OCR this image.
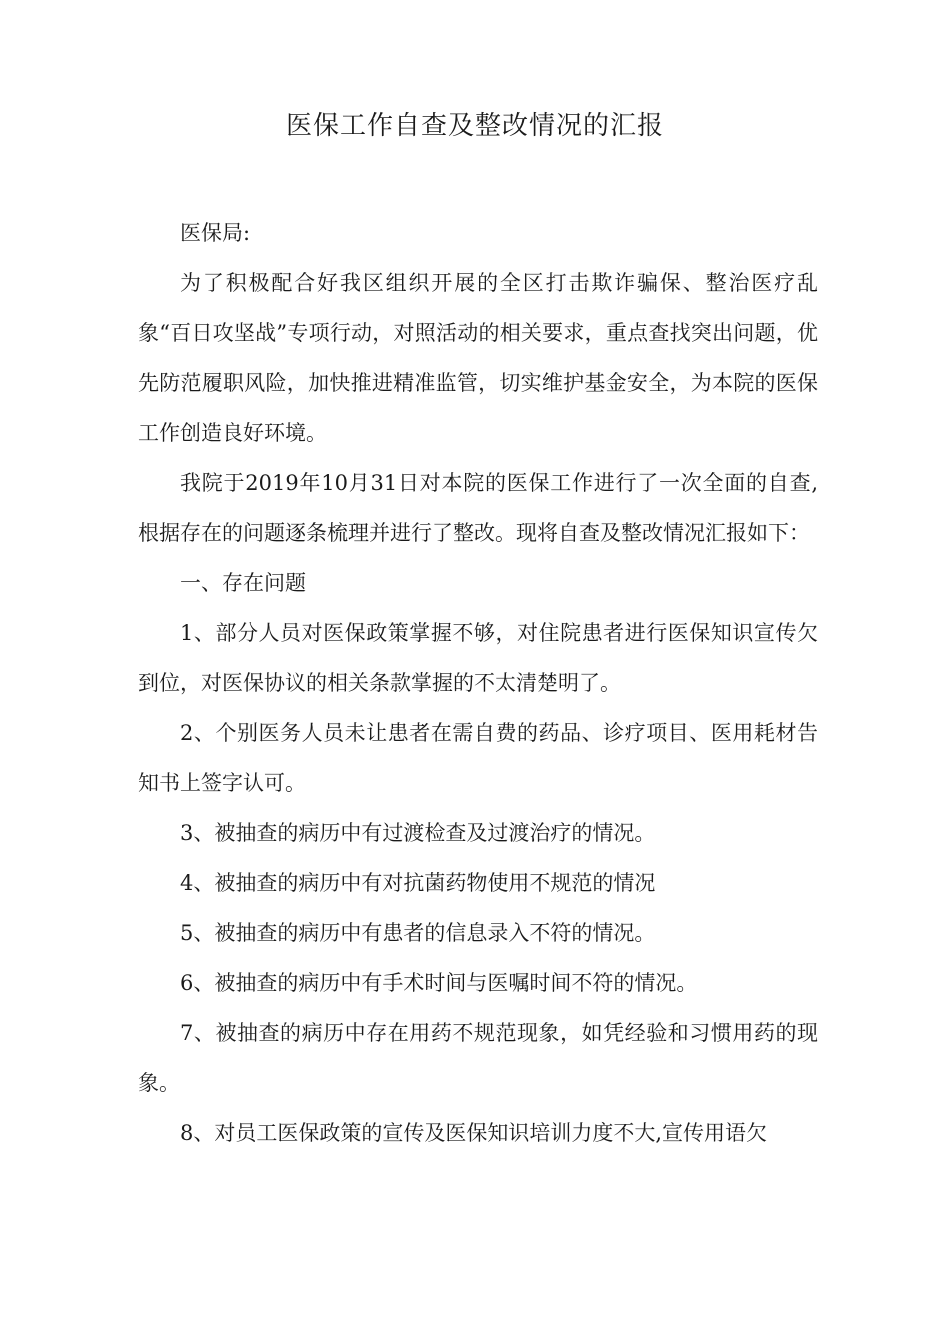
医保工作自查及整改情况的汇报

医保局:

为了积极配合好我区组织开展的全区打击欺诈骗保、整治医疗乱象“百日攻坚战”专项行动，对照活动的相关要求，重点查找突出问题，优先防范履职风险，加快推进精准监管，切实维护基金安全，为本院的医保工作创造良好环境。

我院于2019年10月31日对本院的医保工作进行了一次全面的自查,根据存在的问题逐条梳理并进行了整改。现将自查及整改情况汇报如下：

一、存在问题

1、部分人员对医保政策掌握不够，对住院患者进行医保知识宣传欠到位，对医保协议的相关条款掌握的不太清楚明了。

2、个别医务人员未让患者在需自费的药品、诊疗项目、医用耗材告知书上签字认可。

3、被抽查的病历中有过渡检查及过渡治疗的情况。

4、被抽查的病历中有对抗菌药物使用不规范的情况

5、被抽查的病历中有患者的信息录入不符的情况。

6、被抽查的病历中有手术时间与医嘱时间不符的情况。

7、被抽查的病历中存在用药不规范现象，如凭经验和习惯用药的现象。

8、对员工医保政策的宣传及医保知识培训力度不大,宣传用语欠
